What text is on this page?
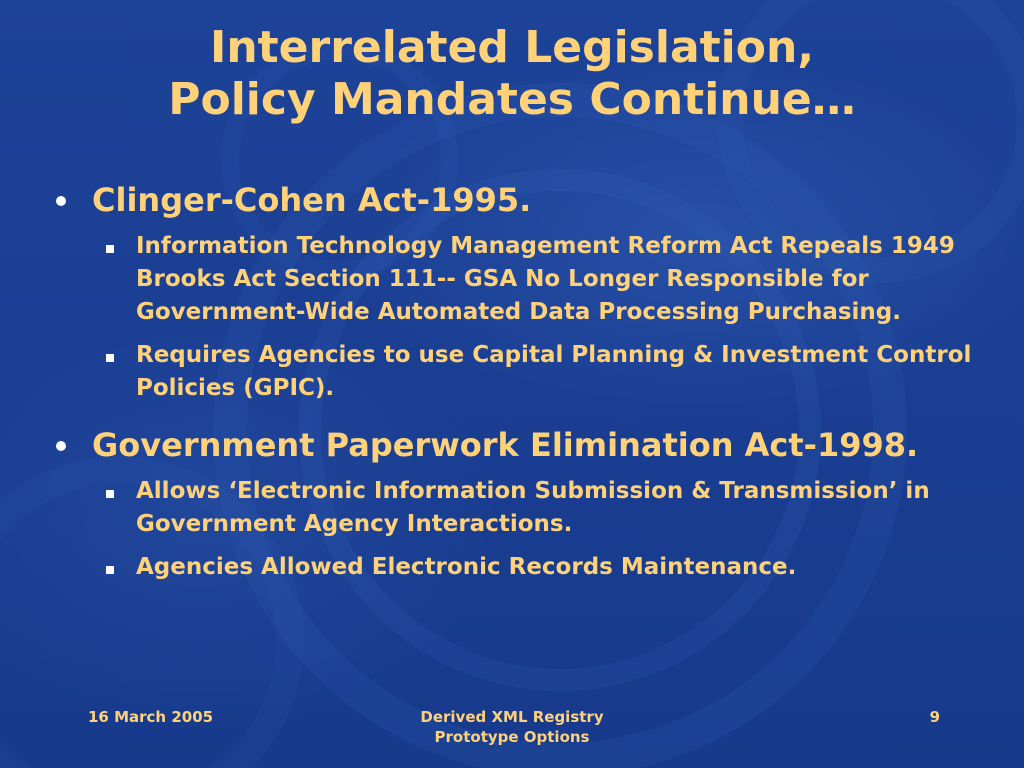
Interrelated Legislation,
Policy Mandates Continue…
Clinger-Cohen Act-1995.
Information Technology Management Reform Act Repeals 1949 Brooks Act Section 111-- GSA No Longer Responsible for Government-Wide Automated Data Processing Purchasing.
Requires Agencies to use Capital Planning & Investment Control Policies (GPIC).
Government Paperwork Elimination Act-1998.
Allows ‘Electronic Information Submission & Transmission’ in Government Agency Interactions.
Agencies Allowed Electronic Records Maintenance.
16 March 2005	Derived XML Registry
Prototype Options
9
